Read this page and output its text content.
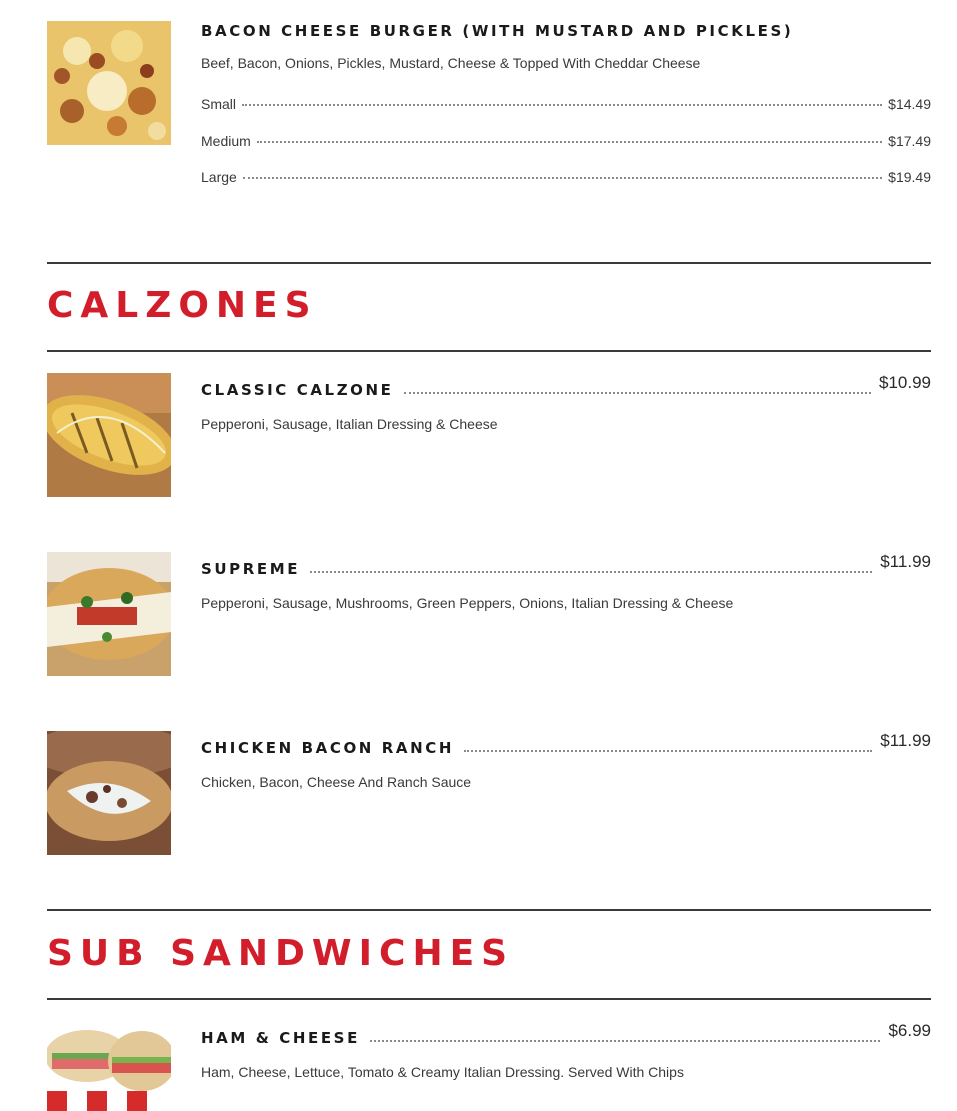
BACON CHEESE BURGER (WITH MUSTARD AND PICKLES)
Beef, Bacon, Onions, Pickles, Mustard, Cheese & Topped With Cheddar Cheese
Small	$14.49
Medium	$17.49
Large	$19.49
CALZONES
CLASSIC CALZONE	$10.99
Pepperoni, Sausage, Italian Dressing & Cheese
SUPREME	$11.99
Pepperoni, Sausage, Mushrooms, Green Peppers, Onions, Italian Dressing & Cheese
CHICKEN BACON RANCH	$11.99
Chicken, Bacon, Cheese And Ranch Sauce
SUB SANDWICHES
HAM & CHEESE	$6.99
Ham, Cheese, Lettuce, Tomato & Creamy Italian Dressing. Served With Chips
